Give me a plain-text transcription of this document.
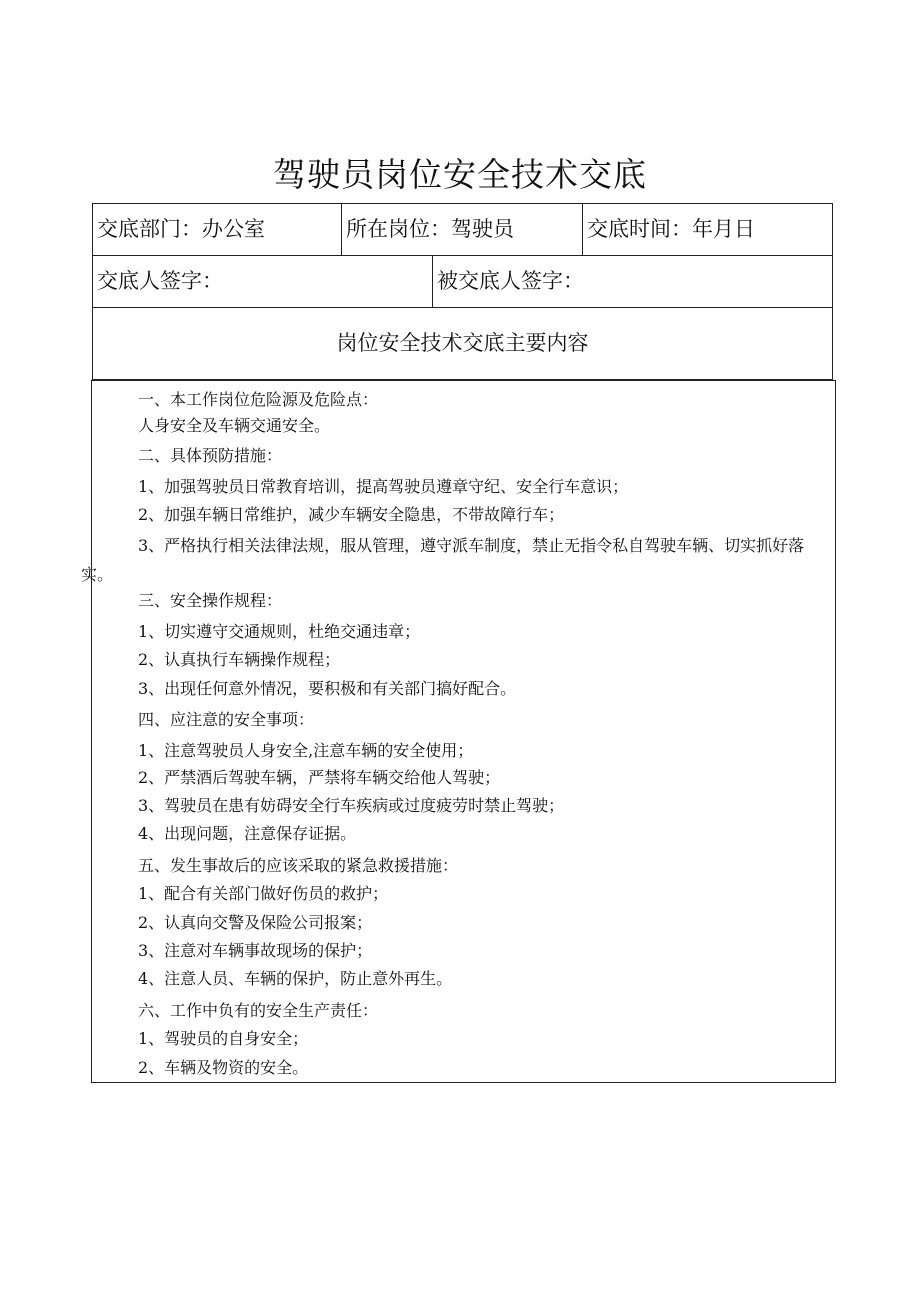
驾驶员岗位安全技术交底
交底部门：办公室	所在岗位：驾驶员	交底时间：年月日
交底人签字：	被交底人签字：
岗位安全技术交底主要内容
一、本工作岗位危险源及危险点：
人身安全及车辆交通安全。
二、具体预防措施：
1、加强驾驶员日常教育培训，提高驾驶员遵章守纪、安全行车意识；
2、加强车辆日常维护，减少车辆安全隐患，不带故障行车；
3、严格执行相关法律法规，服从管理，遵守派车制度，禁止无指令私自驾驶车辆、切实抓好落实。
三、安全操作规程：
1、切实遵守交通规则，杜绝交通违章；
2、认真执行车辆操作规程；
3、出现任何意外情况，要积极和有关部门搞好配合。
四、应注意的安全事项：
1、注意驾驶员人身安全,注意车辆的安全使用；
2、严禁酒后驾驶车辆，严禁将车辆交给他人驾驶；
3、驾驶员在患有妨碍安全行车疾病或过度疲劳时禁止驾驶；
4、出现问题，注意保存证据。
五、发生事故后的应该采取的紧急救援措施：
1、配合有关部门做好伤员的救护；
2、认真向交警及保险公司报案；
3、注意对车辆事故现场的保护；
4、注意人员、车辆的保护，防止意外再生。
六、工作中负有的安全生产责任：
1、驾驶员的自身安全；
2、车辆及物资的安全。
